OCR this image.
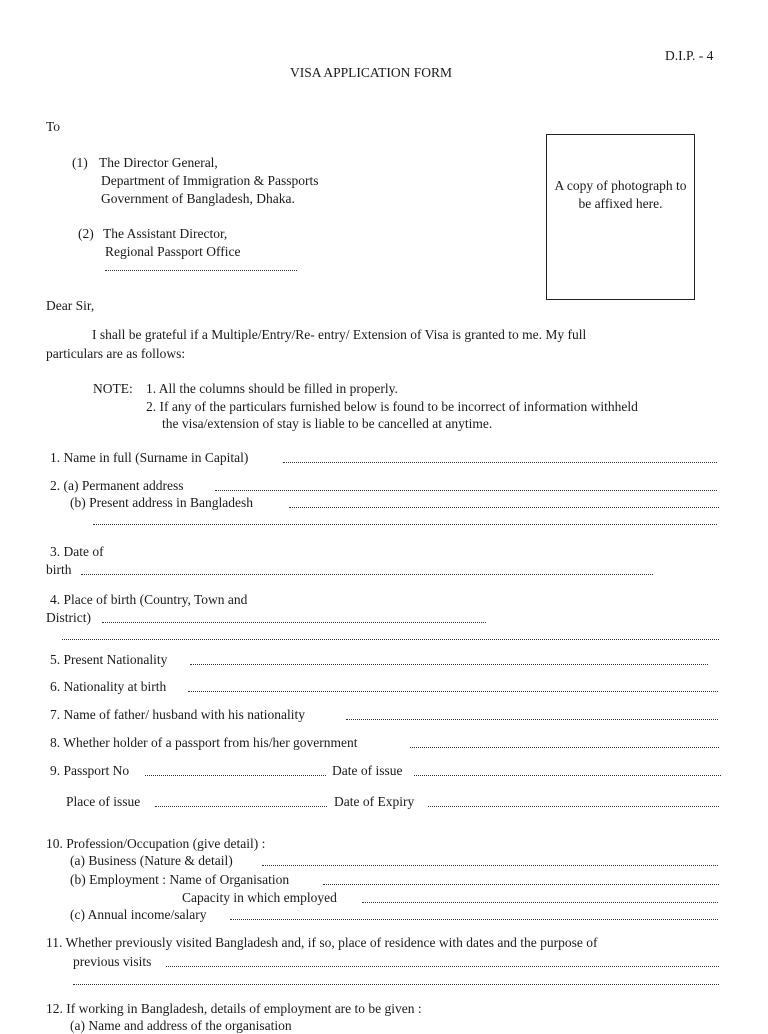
D.I.P. - 4
VISA APPLICATION FORM
To
(1) The Director General,
Department of Immigration & Passports
Government of Bangladesh, Dhaka.
(2) The Assistant Director,
Regional Passport Office
A copy of photograph to be affixed here.
Dear Sir,
I shall be grateful if a Multiple/Entry/Re- entry/ Extension of Visa is granted to me. My full
particulars are as follows:
NOTE: 1. All the columns should be filled in properly.
2. If any of the particulars furnished below is found to be incorrect of information withheld
the visa/extension of stay is liable to be cancelled at anytime.
1. Name in full (Surname in Capital)
2. (a) Permanent address
(b) Present address in Bangladesh
3. Date of
birth
4. Place of birth (Country, Town and
District)
5. Present Nationality
6. Nationality at birth
7. Name of father/ husband with his nationality
8. Whether holder of a passport from his/her government
9. Passport No	Date of issue
Place of issue	Date of Expiry
10. Profession/Occupation (give detail) :
(a) Business (Nature & detail)
(b) Employment : Name of Organisation
Capacity in which employed
(c) Annual income/salary
11. Whether previously visited Bangladesh and, if so, place of residence with dates and the purpose of
previous visits
12. If working in Bangladesh, details of employment are to be given :
(a) Name and address of the organisation
